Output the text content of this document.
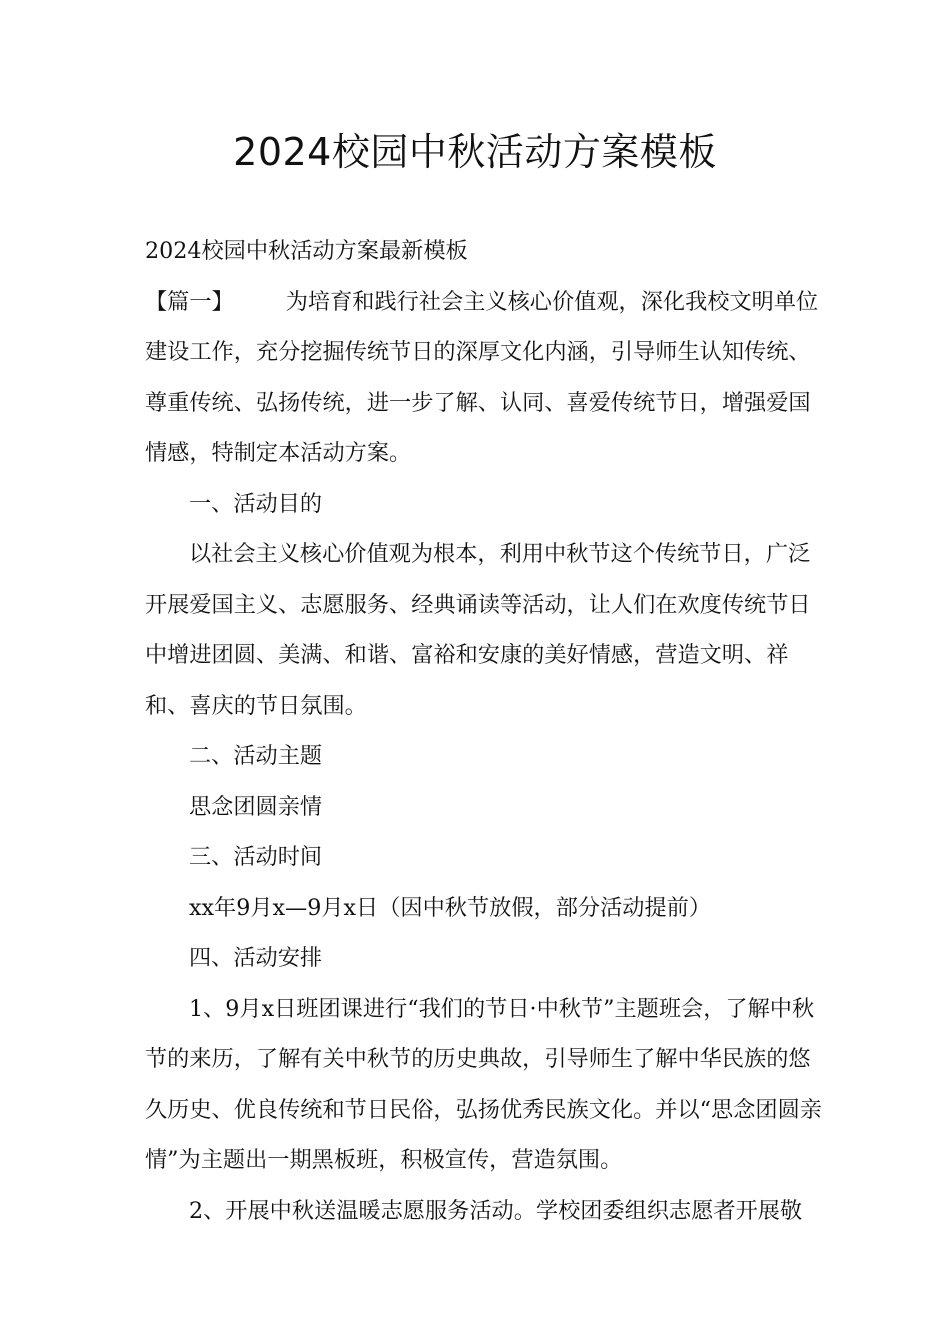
2024校园中秋活动方案模板

2024校园中秋活动方案最新模板

【篇一】 为培育和践行社会主义核心价值观，深化我校文明单位建设工作，充分挖掘传统节日的深厚文化内涵，引导师生认知传统、尊重传统、弘扬传统，进一步了解、认同、喜爱传统节日，增强爱国情感，特制定本活动方案。

一、活动目的

以社会主义核心价值观为根本，利用中秋节这个传统节日，广泛开展爱国主义、志愿服务、经典诵读等活动，让人们在欢度传统节日中增进团圆、美满、和谐、富裕和安康的美好情感，营造文明、祥和、喜庆的节日氛围。

二、活动主题

思念团圆亲情

三、活动时间

xx年9月x—9月x日（因中秋节放假，部分活动提前）

四、活动安排

1、9月x日班团课进行“我们的节日·中秋节”主题班会，了解中秋节的来历，了解有关中秋节的历史典故，引导师生了解中华民族的悠久历史、优良传统和节日民俗，弘扬优秀民族文化。并以“思念团圆亲情”为主题出一期黑板班，积极宣传，营造氛围。

2、开展中秋送温暖志愿服务活动。学校团委组织志愿者开展敬
